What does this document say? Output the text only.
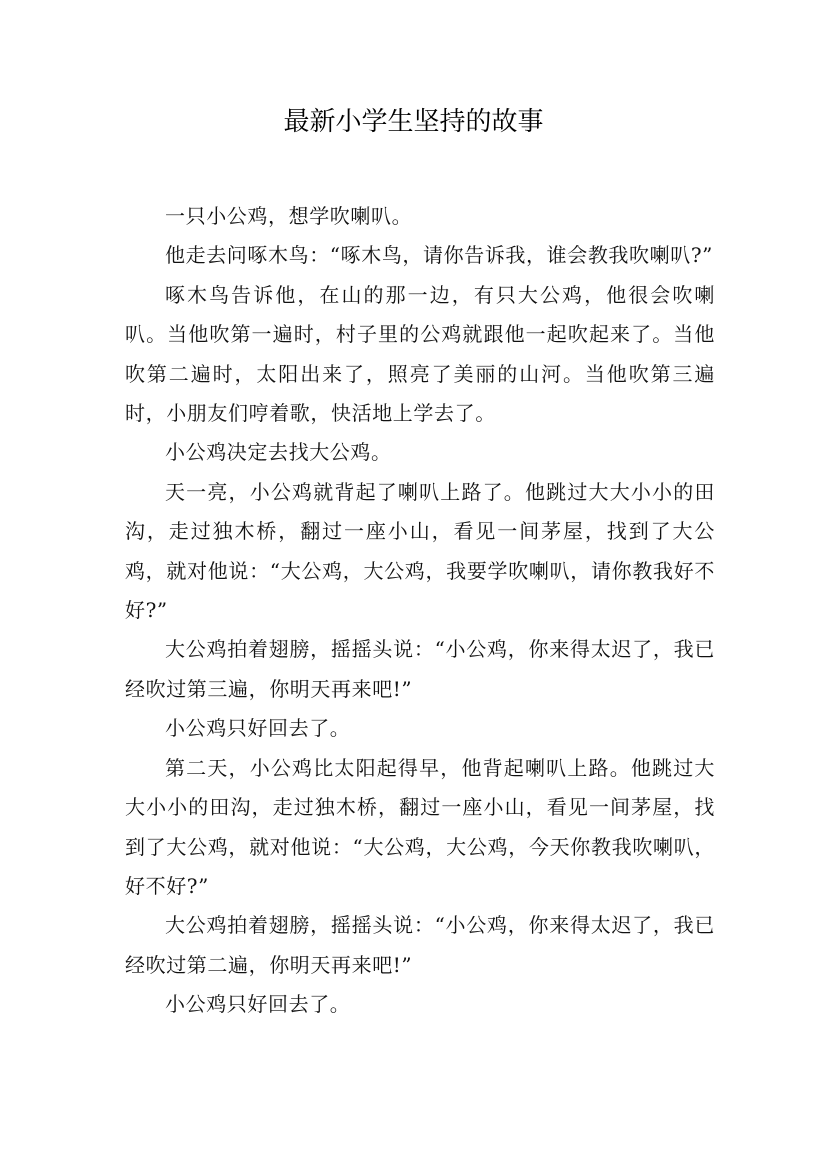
最新小学生坚持的故事

一只小公鸡，想学吹喇叭。

他走去问啄木鸟：“啄木鸟，请你告诉我，谁会教我吹喇叭?”

啄木鸟告诉他，在山的那一边，有只大公鸡，他很会吹喇叭。当他吹第一遍时，村子里的公鸡就跟他一起吹起来了。当他吹第二遍时，太阳出来了，照亮了美丽的山河。当他吹第三遍时，小朋友们哼着歌，快活地上学去了。

小公鸡决定去找大公鸡。

天一亮，小公鸡就背起了喇叭上路了。他跳过大大小小的田沟，走过独木桥，翻过一座小山，看见一间茅屋，找到了大公鸡，就对他说：“大公鸡，大公鸡，我要学吹喇叭，请你教我好不好?”

大公鸡拍着翅膀，摇摇头说：“小公鸡，你来得太迟了，我已经吹过第三遍，你明天再来吧!”

小公鸡只好回去了。

第二天，小公鸡比太阳起得早，他背起喇叭上路。他跳过大大小小的田沟，走过独木桥，翻过一座小山，看见一间茅屋，找到了大公鸡，就对他说：“大公鸡，大公鸡，今天你教我吹喇叭，好不好?”

大公鸡拍着翅膀，摇摇头说：“小公鸡，你来得太迟了，我已经吹过第二遍，你明天再来吧!”

小公鸡只好回去了。
